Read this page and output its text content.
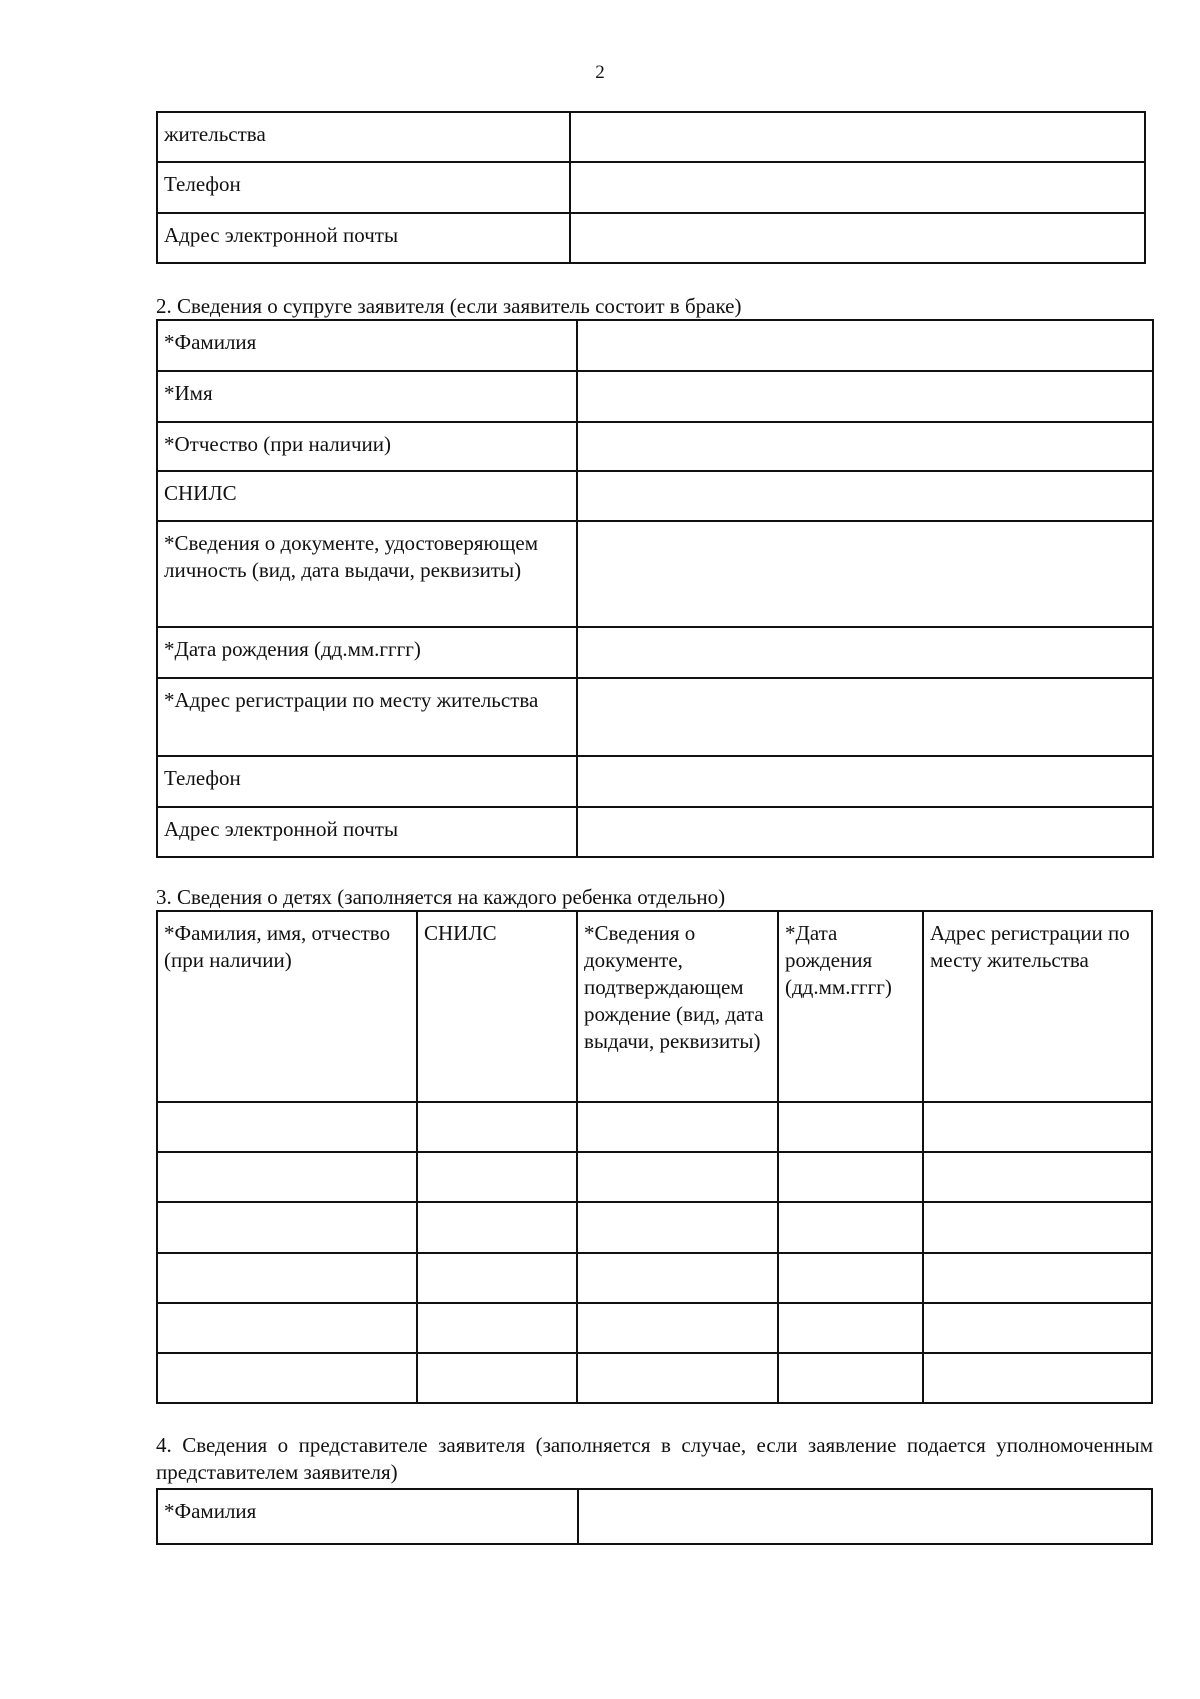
2
жительства	
Телефон	
Адрес электронной почты	
2. Сведения о супруге заявителя (если заявитель состоит в браке)
*Фамилия	
*Имя	
*Отчество (при наличии)	
СНИЛС	
*Сведения о документе, удостоверяющем личность (вид, дата выдачи, реквизиты)	
*Дата рождения (дд.мм.гггг)	
*Адрес регистрации по месту жительства	
Телефон	
Адрес электронной почты	
3. Сведения о детях (заполняется на каждого ребенка отдельно)
*Фамилия, имя, отчество (при наличии)	СНИЛС	*Сведения о документе, подтверждающем рождение (вид, дата выдачи, реквизиты)	*Дата рождения (дд.мм.гггг)	Адрес регистрации по месту жительства

4. Сведения о представителе заявителя (заполняется в случае, если заявление подается уполномоченным представителем заявителя)
*Фамилия	
